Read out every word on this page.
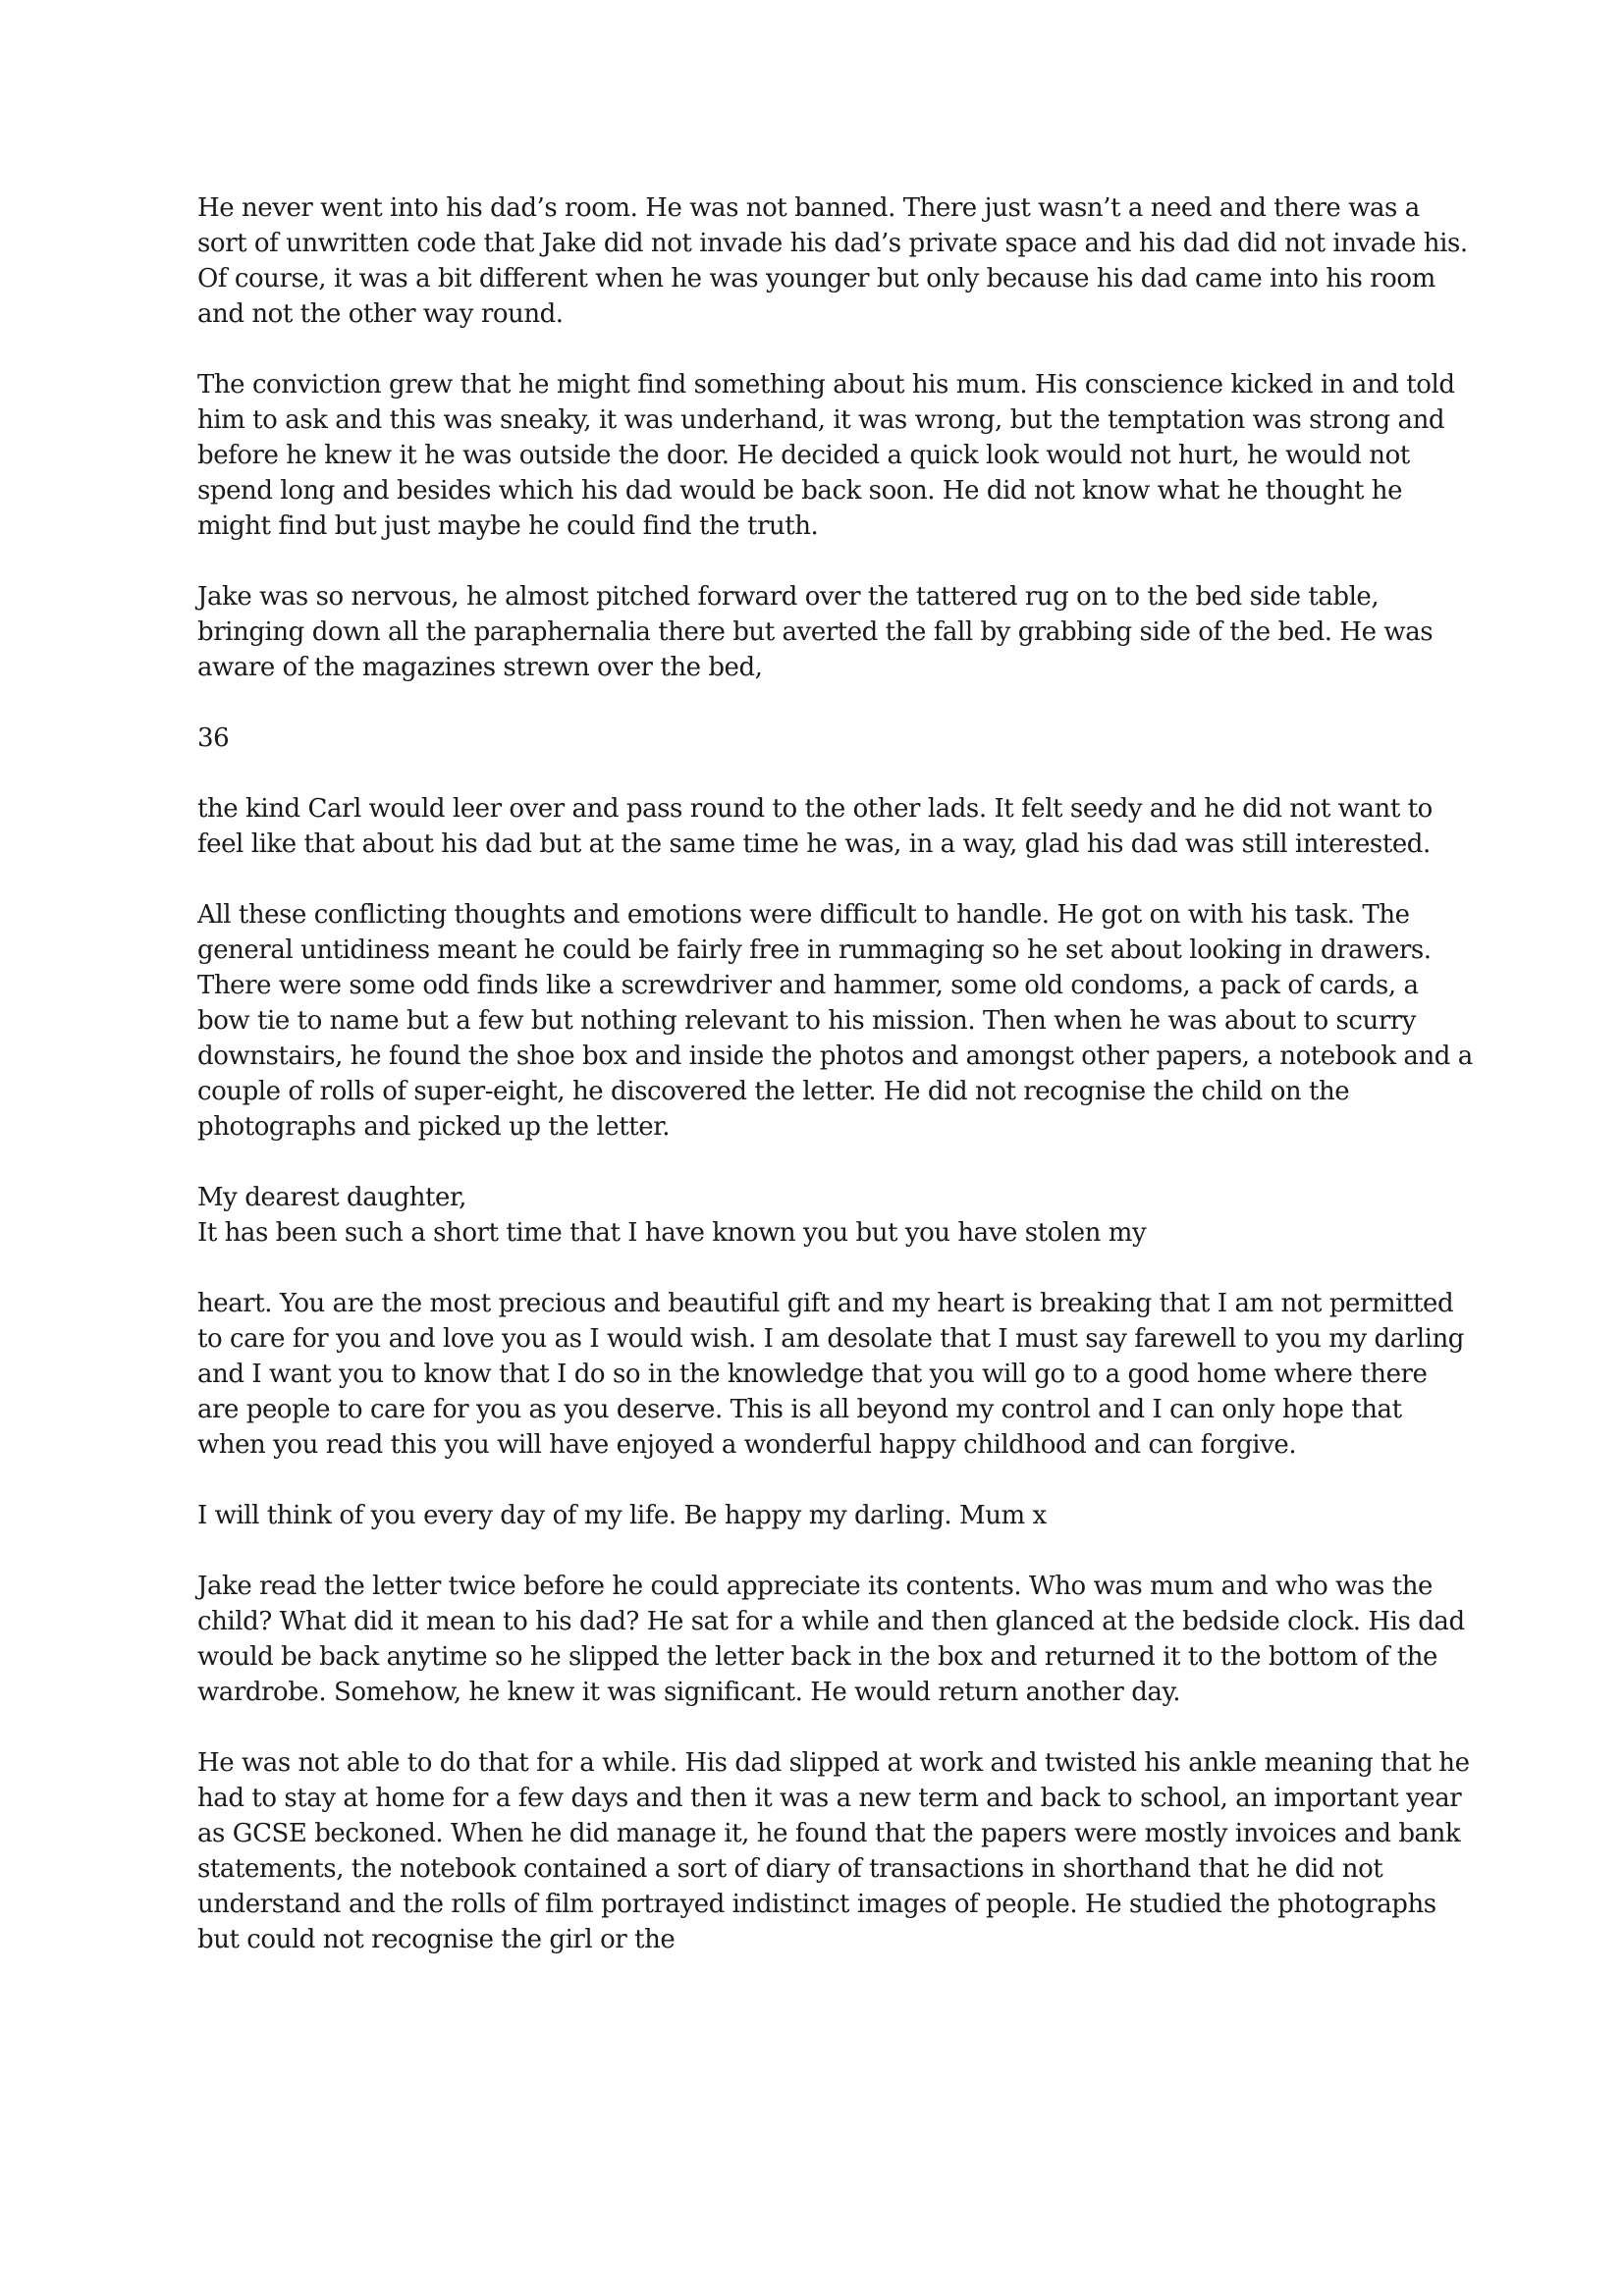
He never went into his dad’s room. He was not banned. There just wasn’t a need and there was a sort of unwritten code that Jake did not invade his dad’s private space and his dad did not invade his. Of course, it was a bit different when he was younger but only because his dad came into his room and not the other way round.

The conviction grew that he might find something about his mum. His conscience kicked in and told him to ask and this was sneaky, it was underhand, it was wrong, but the temptation was strong and before he knew it he was outside the door. He decided a quick look would not hurt, he would not spend long and besides which his dad would be back soon. He did not know what he thought he might find but just maybe he could find the truth.

Jake was so nervous, he almost pitched forward over the tattered rug on to the bed side table, bringing down all the paraphernalia there but averted the fall by grabbing side of the bed. He was aware of the magazines strewn over the bed,

36

the kind Carl would leer over and pass round to the other lads. It felt seedy and he did not want to feel like that about his dad but at the same time he was, in a way, glad his dad was still interested.

All these conflicting thoughts and emotions were difficult to handle. He got on with his task. The general untidiness meant he could be fairly free in rummaging so he set about looking in drawers. There were some odd finds like a screwdriver and hammer, some old condoms, a pack of cards, a bow tie to name but a few but nothing relevant to his mission. Then when he was about to scurry downstairs, he found the shoe box and inside the photos and amongst other papers, a notebook and a couple of rolls of super-eight, he discovered the letter. He did not recognise the child on the photographs and picked up the letter.

My dearest daughter,

It has been such a short time that I have known you but you have stolen my

heart. You are the most precious and beautiful gift and my heart is breaking that I am not permitted to care for you and love you as I would wish. I am desolate that I must say farewell to you my darling and I want you to know that I do so in the knowledge that you will go to a good home where there are people to care for you as you deserve. This is all beyond my control and I can only hope that when you read this you will have enjoyed a wonderful happy childhood and can forgive.

I will think of you every day of my life. Be happy my darling. Mum x

Jake read the letter twice before he could appreciate its contents. Who was mum and who was the child? What did it mean to his dad? He sat for a while and then glanced at the bedside clock. His dad would be back anytime so he slipped the letter back in the box and returned it to the bottom of the wardrobe. Somehow, he knew it was significant. He would return another day.

He was not able to do that for a while. His dad slipped at work and twisted his ankle meaning that he had to stay at home for a few days and then it was a new term and back to school, an important year as GCSE beckoned. When he did manage it, he found that the papers were mostly invoices and bank statements, the notebook contained a sort of diary of transactions in shorthand that he did not understand and the rolls of film portrayed indistinct images of people. He studied the photographs but could not recognise the girl or the
